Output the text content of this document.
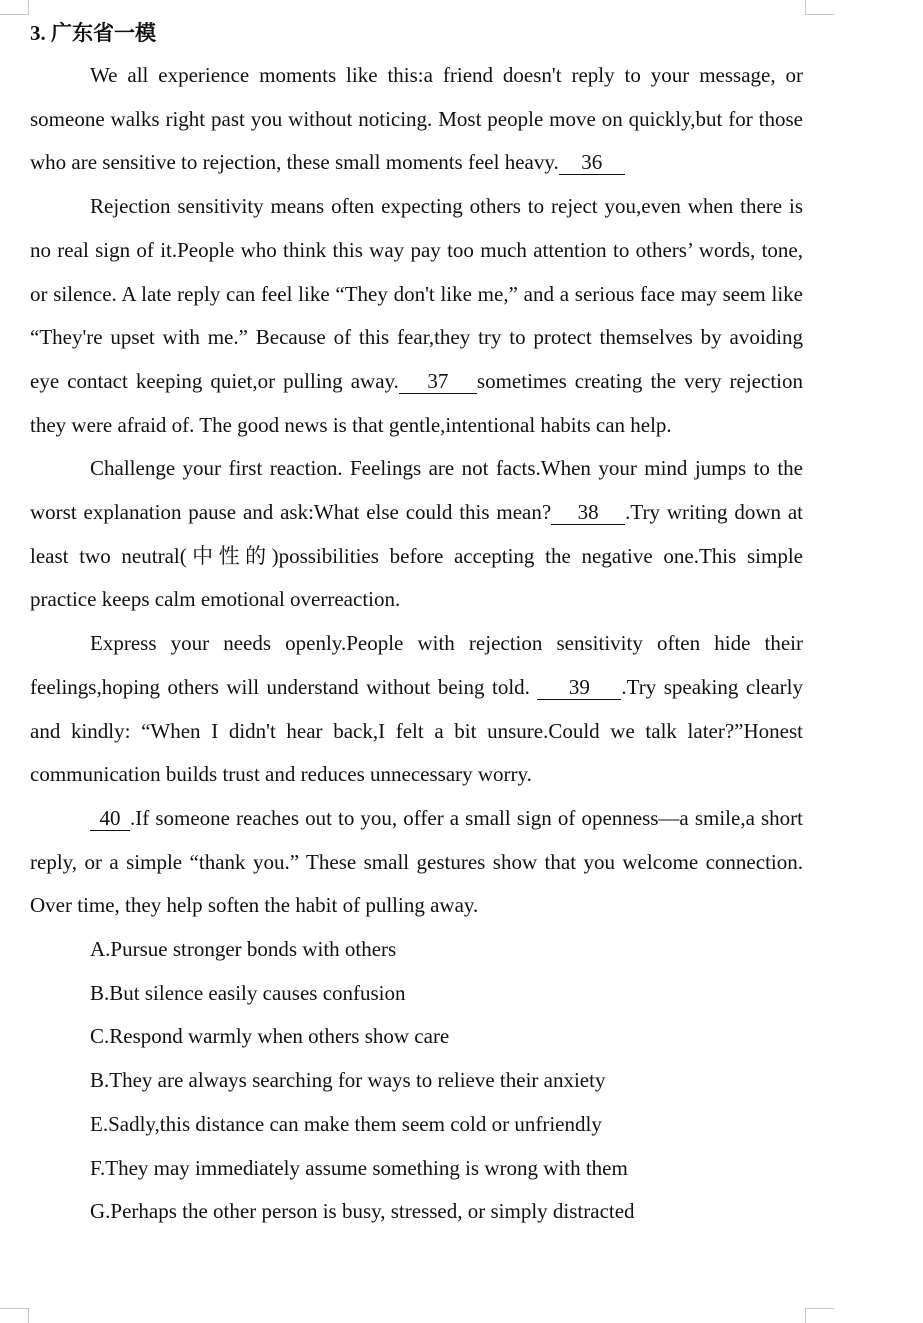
3. 广东省一模

We all experience moments like this:a friend doesn't reply to your message, or someone walks right past you without noticing. Most people move on quickly,but for those who are sensitive to rejection, these small moments feel heavy. 36

Rejection sensitivity means often expecting others to reject you,even when there is no real sign of it.People who think this way pay too much attention to others’ words, tone, or silence. A late reply can feel like “They don't like me,” and a serious face may seem like “They're upset with me.” Because of this fear,they try to protect themselves by avoiding eye contact keeping quiet,or pulling away. 37 sometimes creating the very rejection they were afraid of. The good news is that gentle,intentional habits can help.

Challenge your first reaction. Feelings are not facts.When your mind jumps to the worst explanation pause and ask:What else could this mean? 38 .Try writing down at least two neutral(中性的)possibilities before accepting the negative one.This simple practice keeps calm emotional overreaction.

Express your needs openly.People with rejection sensitivity often hide their feelings,hoping others will understand without being told. 39 .Try speaking clearly and kindly: “When I didn't hear back,I felt a bit unsure.Could we talk later?”Honest communication builds trust and reduces unnecessary worry.

40 .If someone reaches out to you, offer a small sign of openness—a smile,a short reply, or a simple “thank you.” These small gestures show that you welcome connection. Over time, they help soften the habit of pulling away.

A.Pursue stronger bonds with others
B.But silence easily causes confusion
C.Respond warmly when others show care
B.They are always searching for ways to relieve their anxiety
E.Sadly,this distance can make them seem cold or unfriendly
F.They may immediately assume something is wrong with them
G.Perhaps the other person is busy, stressed, or simply distracted
